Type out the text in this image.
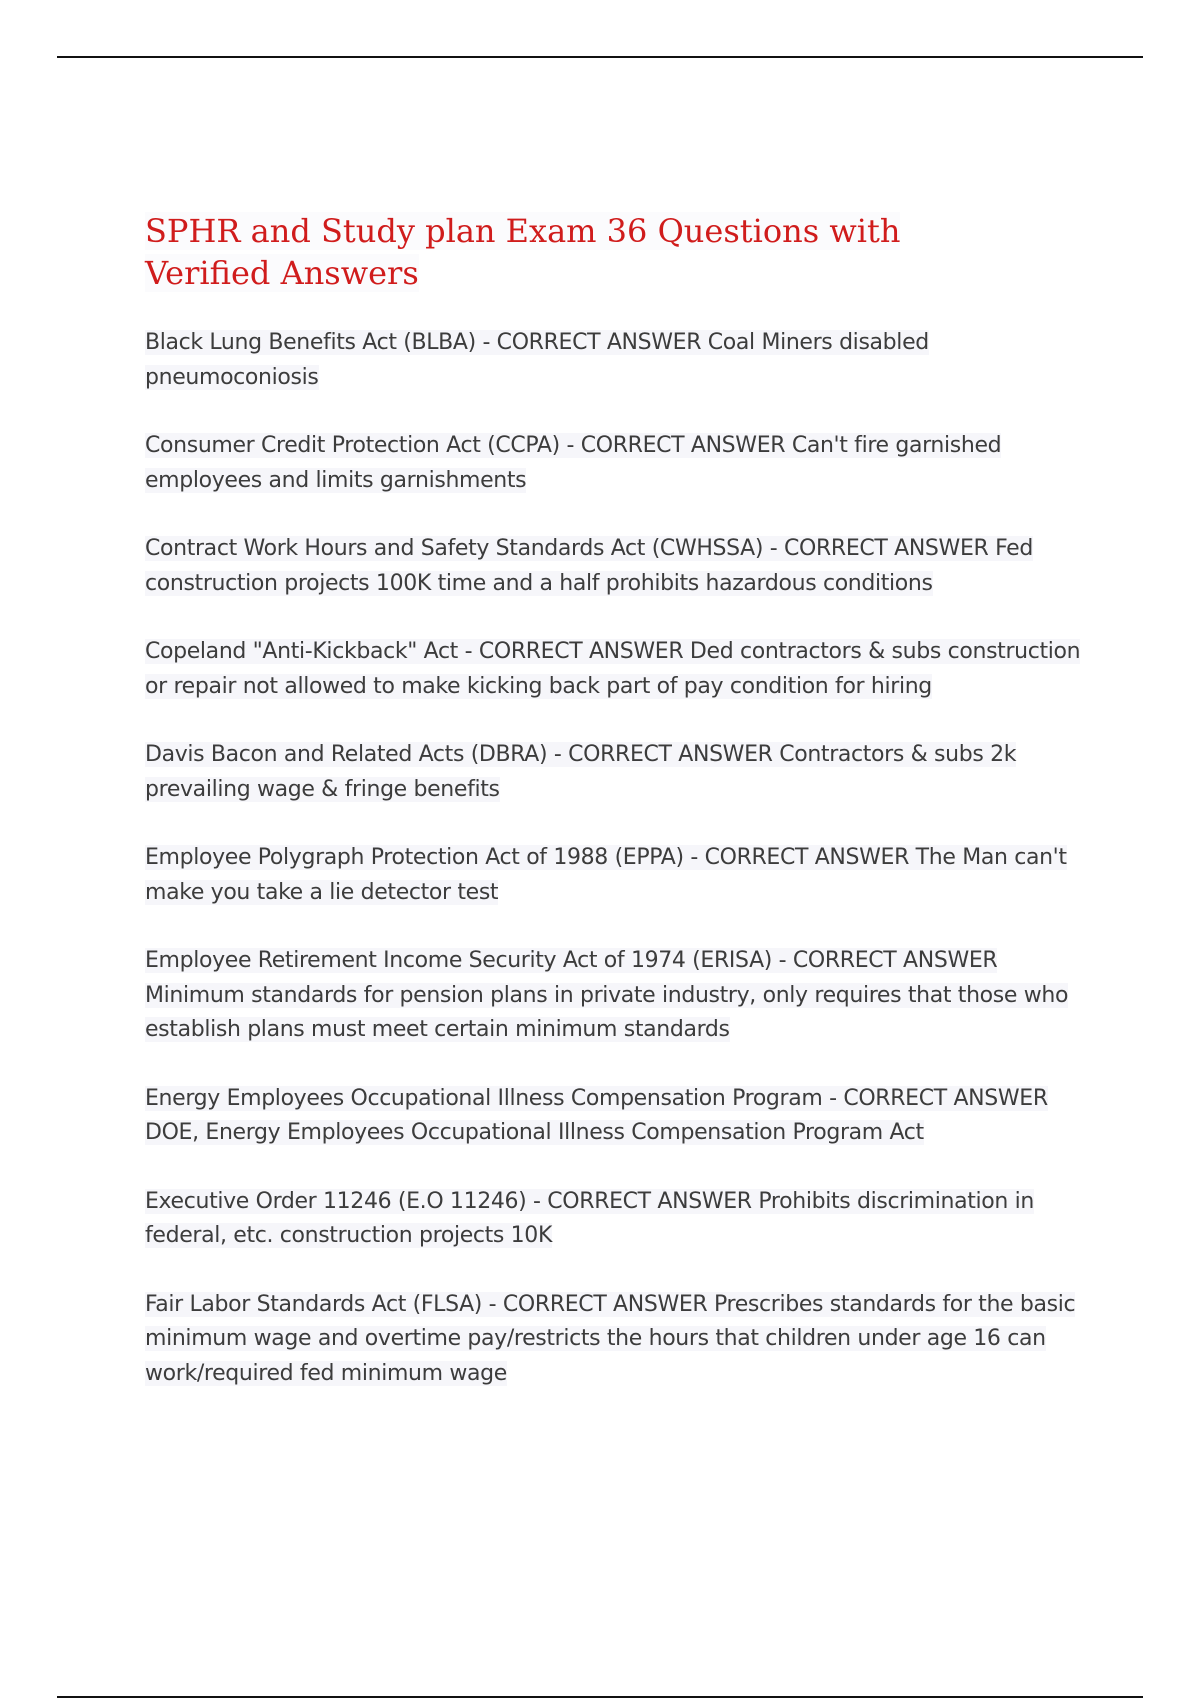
SPHR and Study plan Exam 36 Questions with Verified Answers

Black Lung Benefits Act (BLBA) - CORRECT ANSWER Coal Miners disabled pneumoconiosis

Consumer Credit Protection Act (CCPA) - CORRECT ANSWER Can't fire garnished employees and limits garnishments

Contract Work Hours and Safety Standards Act (CWHSSA) - CORRECT ANSWER Fed construction projects 100K time and a half prohibits hazardous conditions

Copeland "Anti-Kickback" Act - CORRECT ANSWER Ded contractors & subs construction or repair not allowed to make kicking back part of pay condition for hiring

Davis Bacon and Related Acts (DBRA) - CORRECT ANSWER Contractors & subs 2k prevailing wage & fringe benefits

Employee Polygraph Protection Act of 1988 (EPPA) - CORRECT ANSWER The Man can't make you take a lie detector test

Employee Retirement Income Security Act of 1974 (ERISA) - CORRECT ANSWER Minimum standards for pension plans in private industry, only requires that those who establish plans must meet certain minimum standards

Energy Employees Occupational Illness Compensation Program - CORRECT ANSWER DOE, Energy Employees Occupational Illness Compensation Program Act

Executive Order 11246 (E.O 11246) - CORRECT ANSWER Prohibits discrimination in federal, etc. construction projects 10K

Fair Labor Standards Act (FLSA) - CORRECT ANSWER Prescribes standards for the basic minimum wage and overtime pay/restricts the hours that children under age 16 can work/required fed minimum wage
